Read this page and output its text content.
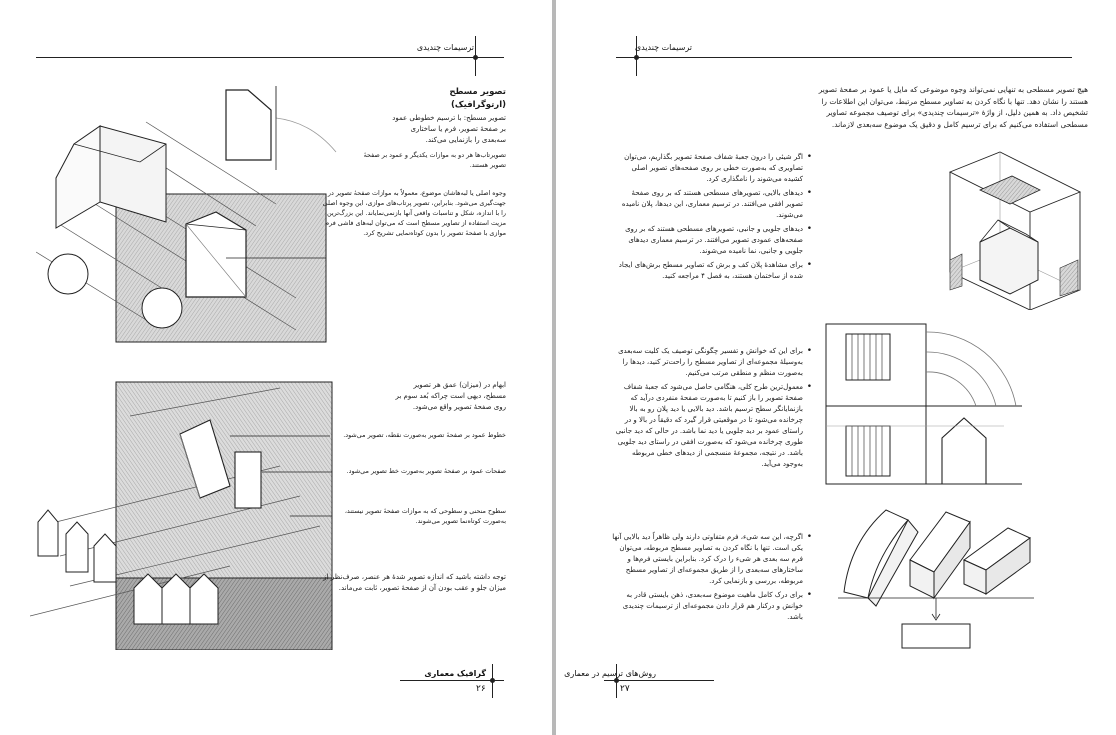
ترسیمات چندیدی
تصویر مسطح (ارتوگرافیک)
تصویر مسطح: با ترسیم خطوطی عمود بر صفحهٔ تصویر، فرم یا ساختاری سه‌بعدی را بازنمایی می‌کند.
تصویرتاب‌ها هر دو به موازات یکدیگر و عمود بر صفحهٔ تصویر هستند.
وجوه اصلی یا لبه‌هاشان موضوع، معمولاً به موازات صفحهٔ تصویر در جهت‌گیری می‌شود. بنابراین، تصویر پرتاب‌های موازی، این وجوه اصلی را با اندازه، شکل و تناسبات واقعی آنها بازنمی‌نمایاند. این بزرگ‌ترین مزیت استفاده از تصاویر مسطح است که می‌توان لبه‌های فاشی فرم موازی با صفحهٔ تصویر را بدون کوتاه‌نمایی تشریح کرد.
ابهام در (میزان) عمق هر تصویر مسطح، دیهی است چراکه بُعد سوم بر روی صفحهٔ تصویر واقع می‌شود.
خطوط عمود بر صفحهٔ تصویر به‌صورت نقطه، تصویر می‌شود.
صفحات عمود بر صفحهٔ تصویر به‌صورت خط تصویر می‌شود.
سطوح منحنی و سطوحی که به موازات صفحهٔ تصویر نیستند، به‌صورت کوتاه‌نما تصویر می‌شوند.
توجه داشته باشید که اندازه تصویر شدهٔ هر عنصر، صرف‌نظر از میزان جلو و عقب بودن آن از صفحهٔ تصویر، ثابت می‌ماند.
گرافیک معماری
۲۶
ترسیمات چندیدی
هیچ تصویر مسطحی به تنهایی نمی‌تواند وجوه موضوعی که مایل یا عمود بر صفحهٔ تصویر هستند را نشان دهد. تنها با نگاه کردن به تصاویر مسطح مرتبط، می‌توان این اطلاعات را تشخیص داد. به همین دلیل، از واژهٔ «ترسیمات چندیدی» برای توصیف مجموعه تصاویر مسطحی استفاده می‌کنیم که برای ترسیم کامل و دقیق یک موضوع سه‌بعدی لازماند.
• اگر شیئی را درون جعبهٔ شفاف صفحهٔ تصویر بگذاریم، می‌توان تصاویری که به‌صورت خطی بر روی صفحه‌های تصویر اصلی کشیده می‌شوند را نامگذاری کرد.
• دیدهای بالایی، تصویرهای مسطحی هستند که بر روی صفحهٔ تصویر افقی می‌افتند. در ترسیم معماری، این دیدها، پلان نامیده می‌شوند.
• دیدهای جلویی و جانبی، تصویرهای مسطحی هستند که بر روی صفحه‌های عمودی تصویر می‌افتند. در ترسیم معماری دیدهای جلویی و جانبی، نما نامیده می‌شوند.
• برای مشاهدهٔ پلان کف و برش که تصاویر مسطح برش‌های ایجاد شده از ساختمان هستند، به فصل ۴ مراجعه کنید.
• برای این که خوانش و تفسیر چگونگی توصیف یک کلیت سه‌بعدی به‌وسیلهٔ مجموعه‌ای از تصاویر مسطح را راحت‌تر کنید، دیدها را به‌صورت منظم و منطقی مرتب می‌کنیم.
• معمول‌ترین طرح کلی، هنگامی حاصل می‌شود که جعبهٔ شفاف صفحهٔ تصویر را باز کنیم تا به‌صورت صفحهٔ منفردی درآید که بازنمایانگر سطح ترسیم باشد. دید بالایی یا دید پلان رو به بالا چرخانده می‌شود تا در موقعیتی قرار گیرد که دقیقاً در بالا و در راستای عمود بر دید جلویی یا دید نما باشد. در حالی که دید جانبی طوری چرخانده می‌شود که به‌صورت افقی در راستای دید جلویی باشد. در نتیجه، مجموعهٔ منسجمی از دیدهای خطی مربوطه به‌وجود می‌آید.
• اگرچه، این سه شیء، فرم متفاوتی دارند ولی ظاهراً دید بالایی آنها یکی است. تنها با نگاه کردن به تصاویر مسطح مربوطه، می‌توان فرم سه بعدی هر شیء را درک کرد. بنابراین بایستی فرم‌ها و ساختارهای سه‌بعدی را از طریق مجموعه‌ای از تصاویر مسطح مربوطه، بررسی و بازنمایی کرد.
• برای درک کامل ماهیت موضوع سه‌بعدی، ذهن بایستی قادر به خوانش و درکنار هم قرار دادن مجموعه‌ای از ترسیمات چندیدی باشد.
روش‌های ترسیم در معماری
۲۷
